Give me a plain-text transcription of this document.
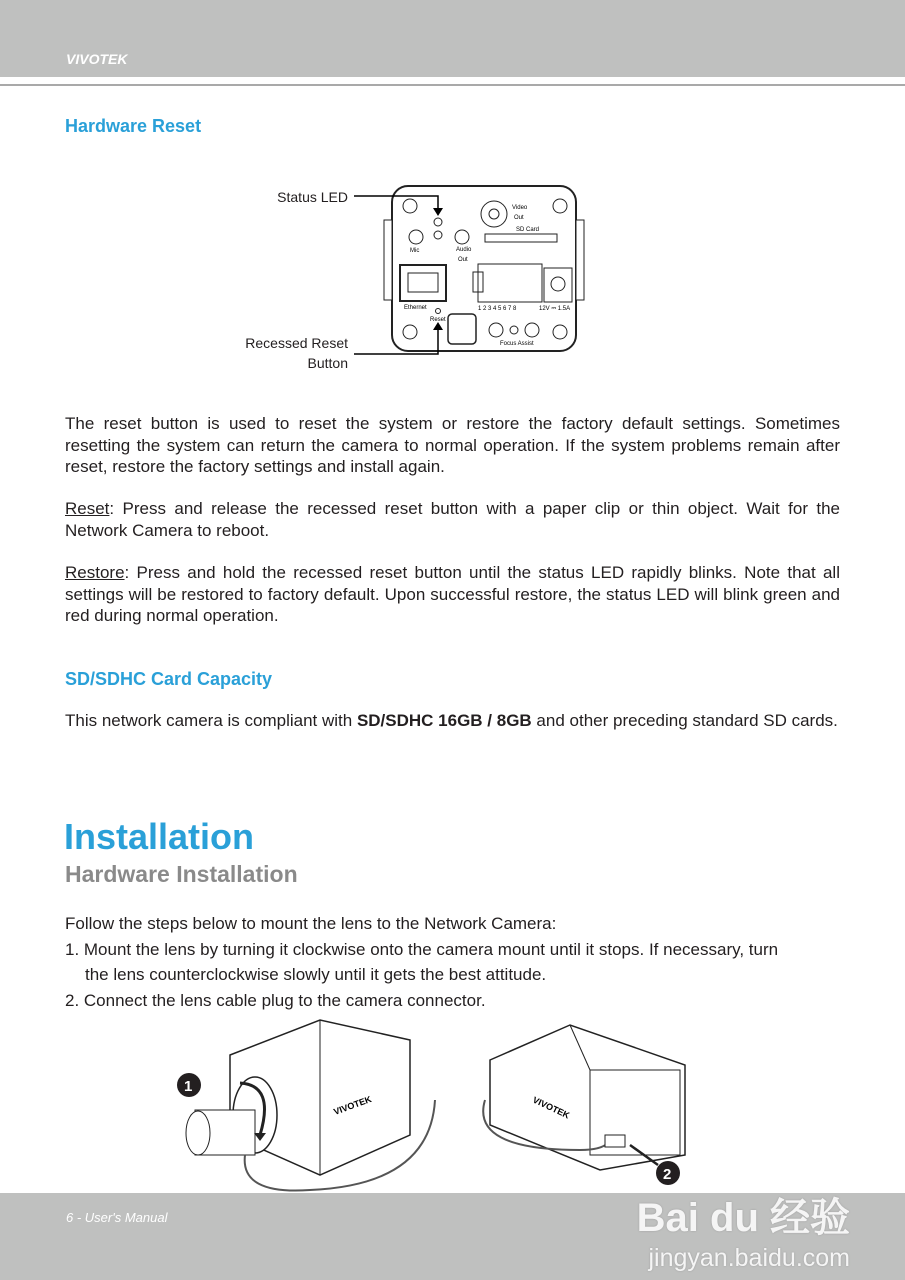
VIVOTEK
Hardware Reset
Status LED
Recessed Reset
Button
Video
Out
SD Card
Mic	Audio
Out
Ethernet
Reset
1 2 3 4 5 6 7 8	12V ⎓ 1.5A
Focus Assist
The reset button is used to reset the system or restore the factory default settings. Sometimes resetting the system can return the camera to normal operation. If the system problems remain after reset, restore the factory settings and install again.
Reset: Press and release the recessed reset button with a paper clip or thin object. Wait for the Network Camera to reboot.
Restore: Press and hold the recessed reset button until the status LED rapidly blinks. Note that all settings will be restored to factory default. Upon successful restore, the status LED will blink green and red during normal operation.
SD/SDHC Card Capacity
This network camera is compliant with SD/SDHC 16GB / 8GB and other preceding standard SD cards.
Installation
Hardware Installation
Follow the steps below to mount the lens to the Network Camera:
1. Mount the lens by turning it clockwise onto the camera mount until it stops. If necessary, turn
the lens counterclockwise slowly until it gets the best attitude.
2. Connect the lens cable plug to the camera connector.
VIVOTEK
1
VIVOTEK
2
6 - User's Manual	Bai du 经验
jingyan.baidu.com
